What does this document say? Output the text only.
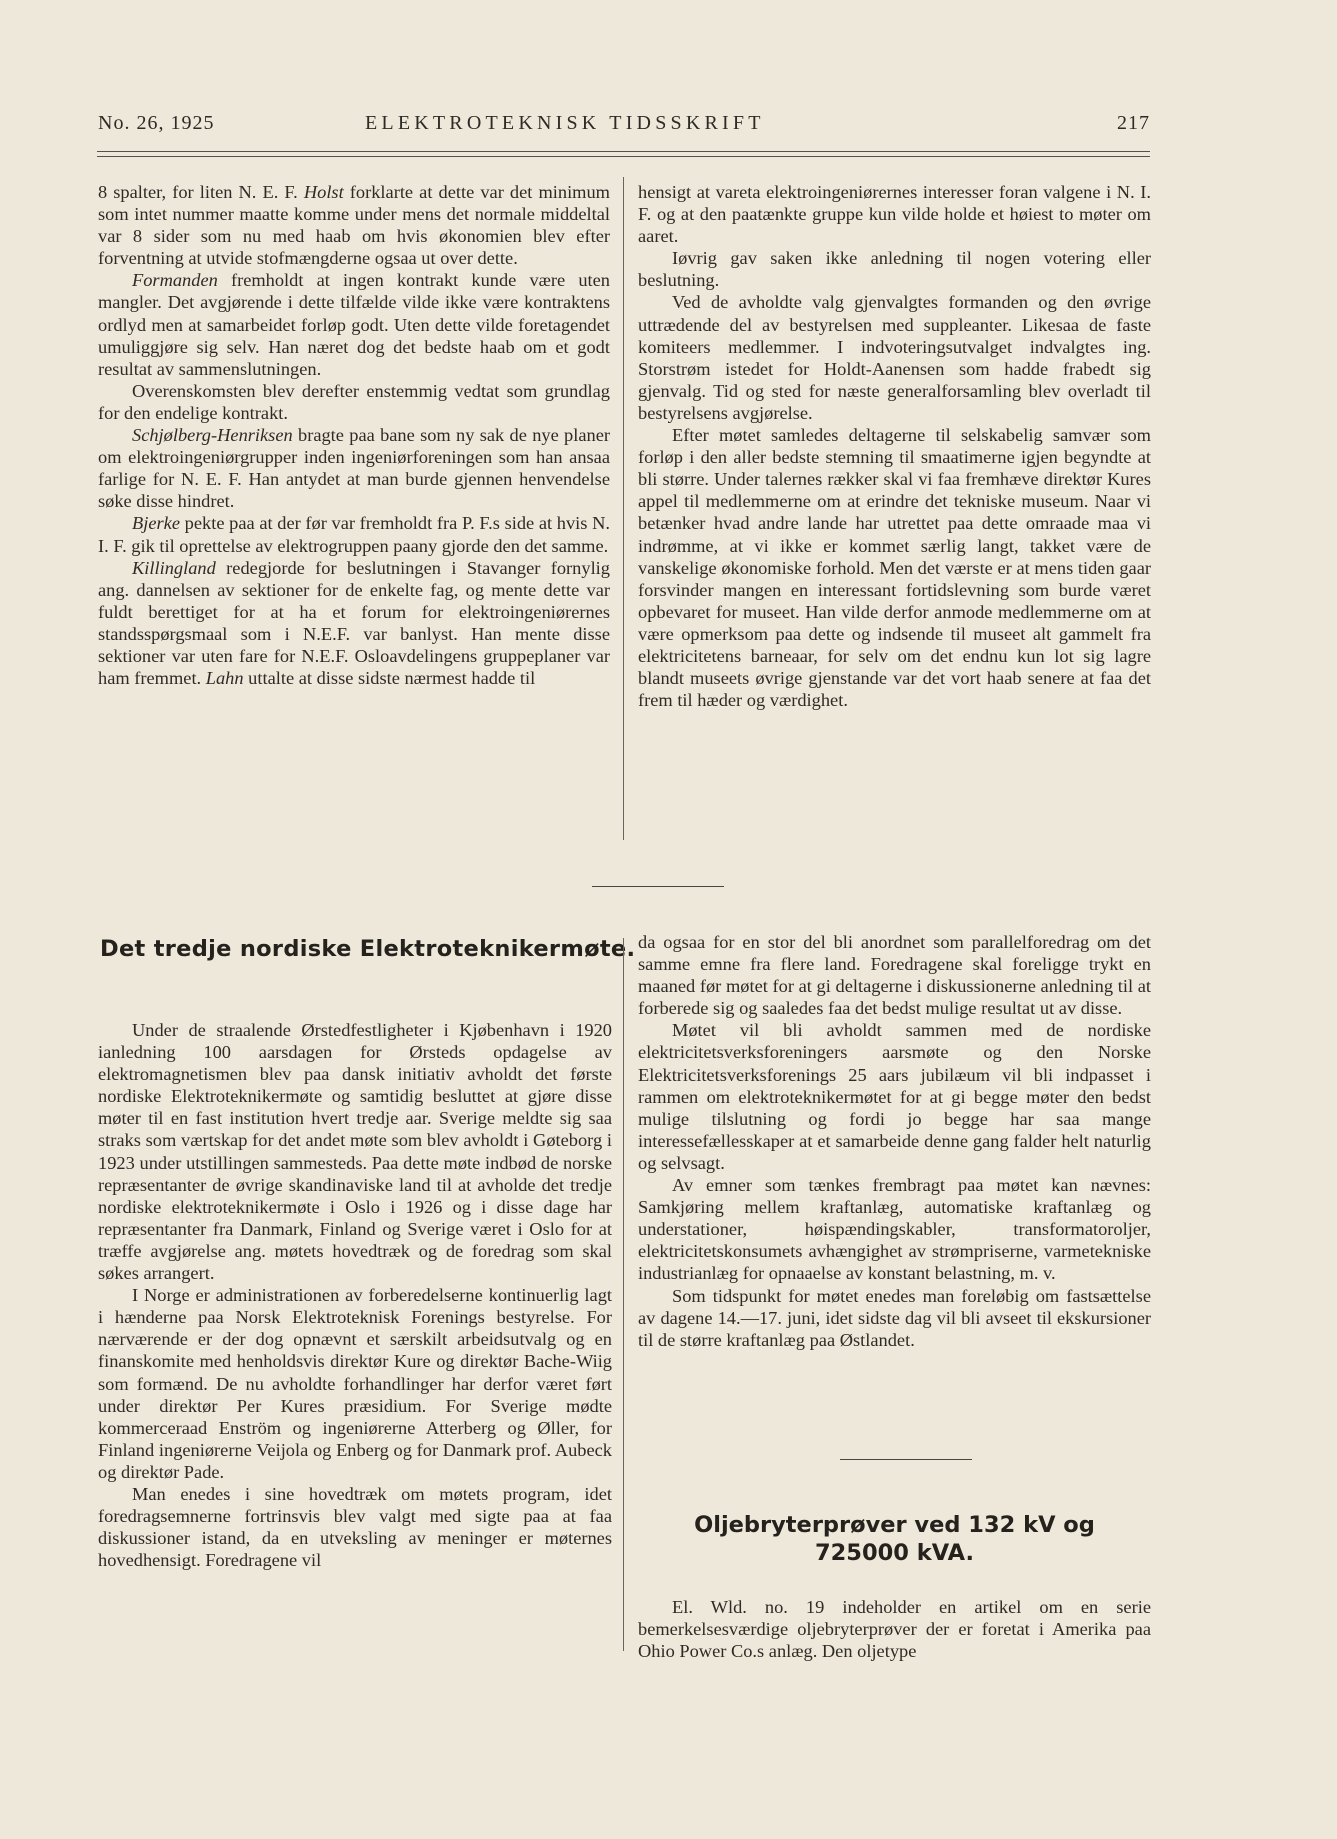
No. 26, 1925	ELEKTROTEKNISK TIDSSKRIFT	217

8 spalter, for liten N. E. F. Holst forklarte at dette var det minimum som intet nummer maatte komme under mens det normale middeltal var 8 sider som nu med haab om hvis økonomien blev efter forventning at utvide stofmængderne ogsaa ut over dette.

Formanden fremholdt at ingen kontrakt kunde være uten mangler. Det avgjørende i dette tilfælde vilde ikke være kontraktens ordlyd men at samarbeidet forløp godt. Uten dette vilde foretagendet umuliggjøre sig selv. Han næret dog det bedste haab om et godt resultat av sammenslutningen.

Overenskomsten blev derefter enstemmig vedtat som grundlag for den endelige kontrakt.

Schjølberg-Henriksen bragte paa bane som ny sak de nye planer om elektroingeniørgrupper inden ingeniørforeningen som han ansaa farlige for N. E. F. Han antydet at man burde gjennen henvendelse søke disse hindret.

Bjerke pekte paa at der før var fremholdt fra P. F.s side at hvis N. I. F. gik til oprettelse av elektrogruppen paany gjorde den det samme.

Killingland redegjorde for beslutningen i Stavanger fornylig ang. dannelsen av sektioner for de enkelte fag, og mente dette var fuldt berettiget for at ha et forum for elektroingeniørernes standsspørgsmaal som i N.E.F. var banlyst. Han mente disse sektioner var uten fare for N.E.F. Osloavdelingens gruppeplaner var ham fremmet. Lahn uttalte at disse sidste nærmest hadde til

hensigt at vareta elektroingeniørernes interesser foran valgene i N. I. F. og at den paatænkte gruppe kun vilde holde et høiest to møter om aaret.

Iøvrig gav saken ikke anledning til nogen votering eller beslutning.

Ved de avholdte valg gjenvalgtes formanden og den øvrige uttrædende del av bestyrelsen med suppleanter. Likesaa de faste komiteers medlemmer. I indvoteringsutvalget indvalgtes ing. Storstrøm istedet for Holdt-Aanensen som hadde frabedt sig gjenvalg. Tid og sted for næste generalforsamling blev overladt til bestyrelsens avgjørelse.

Efter møtet samledes deltagerne til selskabelig samvær som forløp i den aller bedste stemning til smaatimerne igjen begyndte at bli større. Under talernes rækker skal vi faa fremhæve direktør Kures appel til medlemmerne om at erindre det tekniske museum. Naar vi betænker hvad andre lande har utrettet paa dette omraade maa vi indrømme, at vi ikke er kommet særlig langt, takket være de vanskelige økonomiske forhold. Men det værste er at mens tiden gaar forsvinder mangen en interessant fortidslevning som burde været opbevaret for museet. Han vilde derfor anmode medlemmerne om at være opmerksom paa dette og indsende til museet alt gammelt fra elektricitetens barneaar, for selv om det endnu kun lot sig lagre blandt museets øvrige gjenstande var det vort haab senere at faa det frem til hæder og værdighet.

Det tredje nordiske Elektroteknikermøte.

Under de straalende Ørstedfestligheter i Kjøbenhavn i 1920 ianledning 100 aarsdagen for Ørsteds opdagelse av elektromagnetismen blev paa dansk initiativ avholdt det første nordiske Elektroteknikermøte og samtidig besluttet at gjøre disse møter til en fast institution hvert tredje aar. Sverige meldte sig saa straks som værtskap for det andet møte som blev avholdt i Gøteborg i 1923 under utstillingen sammesteds. Paa dette møte indbød de norske repræsentanter de øvrige skandinaviske land til at avholde det tredje nordiske elektroteknikermøte i Oslo i 1926 og i disse dage har repræsentanter fra Danmark, Finland og Sverige været i Oslo for at træffe avgjørelse ang. møtets hovedtræk og de foredrag som skal søkes arrangert.

I Norge er administrationen av forberedelserne kontinuerlig lagt i hænderne paa Norsk Elektroteknisk Forenings bestyrelse. For nærværende er der dog opnævnt et særskilt arbeidsutvalg og en finanskomite med henholdsvis direktør Kure og direktør Bache-Wiig som formænd. De nu avholdte forhandlinger har derfor været ført under direktør Per Kures præsidium. For Sverige mødte kommerceraad Enström og ingeniørerne Atterberg og Øller, for Finland ingeniørerne Veijola og Enberg og for Danmark prof. Aubeck og direktør Pade.

Man enedes i sine hovedtræk om møtets program, idet foredragsemnerne fortrinsvis blev valgt med sigte paa at faa diskussioner istand, da en utveksling av meninger er møternes hovedhensigt. Foredragene vil

da ogsaa for en stor del bli anordnet som parallelforedrag om det samme emne fra flere land. Foredragene skal foreligge trykt en maaned før møtet for at gi deltagerne i diskussionerne anledning til at forberede sig og saaledes faa det bedst mulige resultat ut av disse.

Møtet vil bli avholdt sammen med de nordiske elektricitetsverksforeningers aarsmøte og den Norske Elektricitetsverksforenings 25 aars jubilæum vil bli indpasset i rammen om elektroteknikermøtet for at gi begge møter den bedst mulige tilslutning og fordi jo begge har saa mange interessefællesskaper at et samarbeide denne gang falder helt naturlig og selvsagt.

Av emner som tænkes frembragt paa møtet kan nævnes: Samkjøring mellem kraftanlæg, automatiske kraftanlæg og understationer, høispændingskabler, transformatoroljer, elektricitetskonsumets avhængighet av strømpriserne, varmetekniske industrianlæg for opnaaelse av konstant belastning, m. v.

Som tidspunkt for møtet enedes man foreløbig om fastsættelse av dagene 14.—17. juni, idet sidste dag vil bli avseet til ekskursioner til de større kraftanlæg paa Østlandet.

Oljebryterprøver ved 132 kV og
725000 kVA.

El. Wld. no. 19 indeholder en artikel om en serie bemerkelsesværdige oljebryterprøver der er foretat i Amerika paa Ohio Power Co.s anlæg. Den oljetype
